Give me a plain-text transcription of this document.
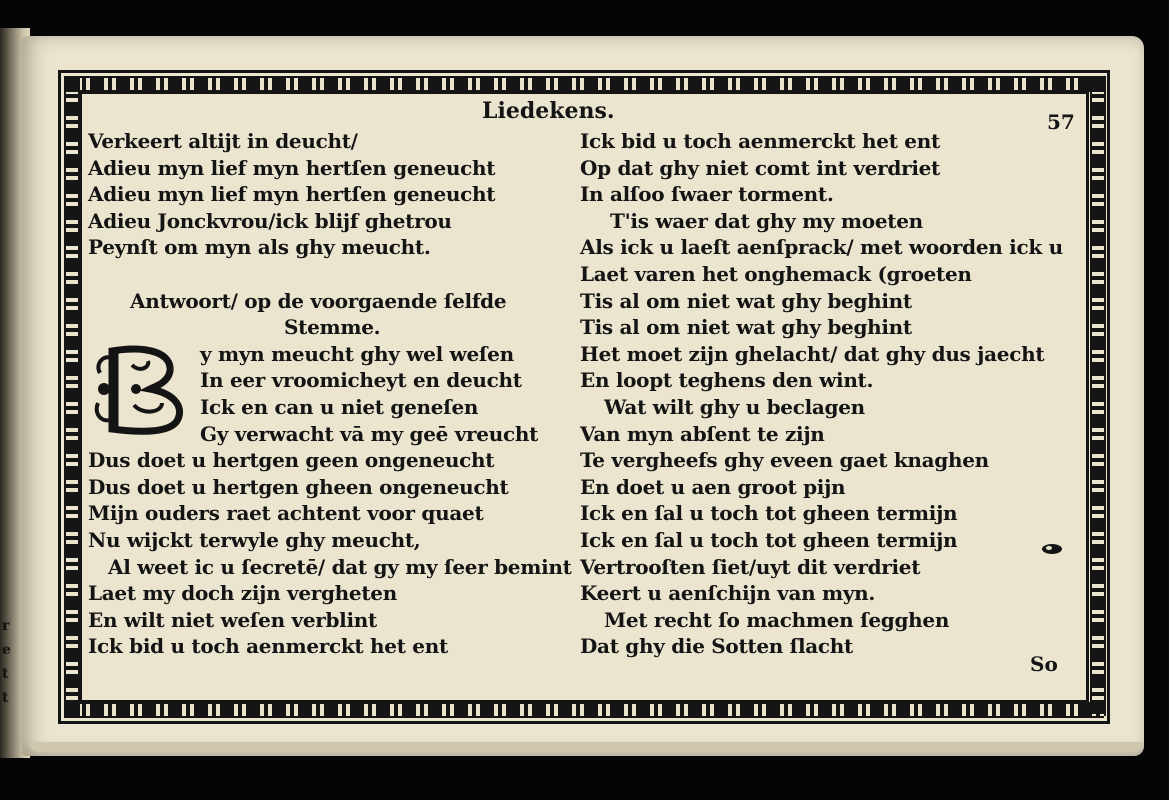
r
e
t
t
Liedekens.	57

Verkeert altijt in deucht/

Adieu myn lief myn hertſen geneucht

Adieu myn lief myn hertſen geneucht

Adieu Jonckvrou/ick blijf ghetrou

Peynſt om myn als ghy meucht.

Antwoort/ op de voorgaende ſelfde

Stemme.

y myn meucht ghy wel weſen

In eer vroomicheyt en deucht

Ick en can u niet geneſen

Gy verwacht vā my geē vreucht

Dus doet u hertgen geen ongeneucht

Dus doet u hertgen gheen ongeneucht

Mijn ouders raet achtent voor quaet

Nu wijckt terwyle ghy meucht,

Al weet ic u ſecretē/ dat gy my ſeer bemint

Laet my doch zijn vergheten

En wilt niet weſen verblint

Ick bid u toch aenmerckt het ent

Ick bid u toch aenmerckt het ent

Op dat ghy niet comt int verdriet

In alſoo ſwaer torment.

T'is waer dat ghy my moeten

Als ick u laeſt aenſprack/ met woorden ick u

Laet varen het onghemack (groeten

Tis al om niet wat ghy beghint

Tis al om niet wat ghy beghint

Het moet zijn ghelacht/ dat ghy dus jaecht

En loopt teghens den wint.

Wat wilt ghy u beclagen

Van myn abſent te zijn

Te vergheefs ghy eveen gaet knaghen

En doet u aen groot pijn

Ick en ſal u toch tot gheen termijn

Ick en ſal u toch tot gheen termijn

Vertrooſten ſiet/uyt dit verdriet

Keert u aenſchijn van myn.

Met recht ſo machmen ſegghen

Dat ghy die Sotten ſlacht

So
